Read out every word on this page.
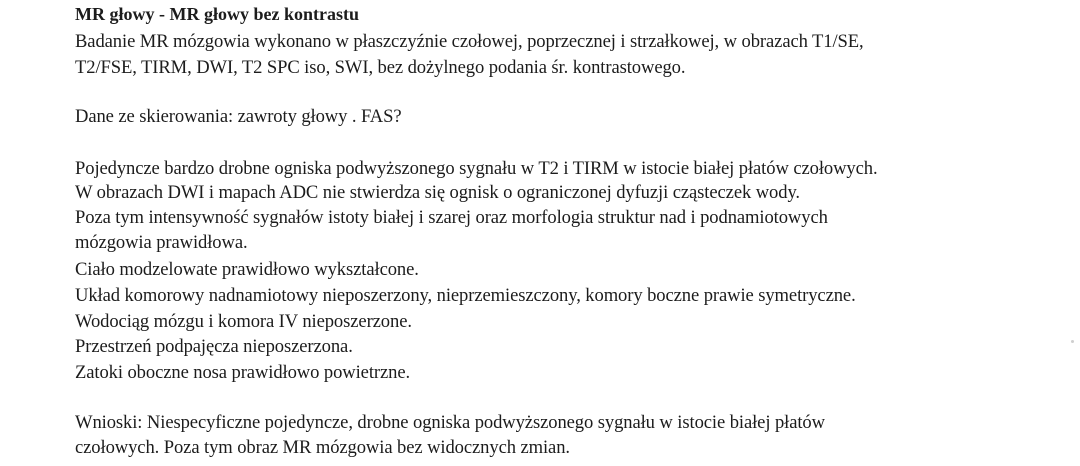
MR głowy - MR głowy bez kontrastu
Badanie MR mózgowia wykonano w płaszczyźnie czołowej, poprzecznej i strzałkowej, w obrazach T1/SE,
T2/FSE, TIRM, DWI, T2 SPC iso, SWI, bez dożylnego podania śr. kontrastowego.
Dane ze skierowania: zawroty głowy . FAS?
Pojedyncze bardzo drobne ogniska podwyższonego sygnału w T2 i TIRM w istocie białej płatów czołowych.
W obrazach DWI i mapach ADC nie stwierdza się ognisk o ograniczonej dyfuzji cząsteczek wody.
Poza tym intensywność sygnałów istoty białej i szarej oraz morfologia struktur nad i podnamiotowych
mózgowia prawidłowa.
Ciało modzelowate prawidłowo wykształcone.
Układ komorowy nadnamiotowy nieposzerzony, nieprzemieszczony, komory boczne prawie symetryczne.
Wodociąg mózgu i komora IV nieposzerzone.
Przestrzeń podpajęcza nieposzerzona.
Zatoki oboczne nosa prawidłowo powietrzne.
Wnioski: Niespecyficzne pojedyncze, drobne ogniska podwyższonego sygnału w istocie białej płatów
czołowych. Poza tym obraz MR mózgowia bez widocznych zmian.
